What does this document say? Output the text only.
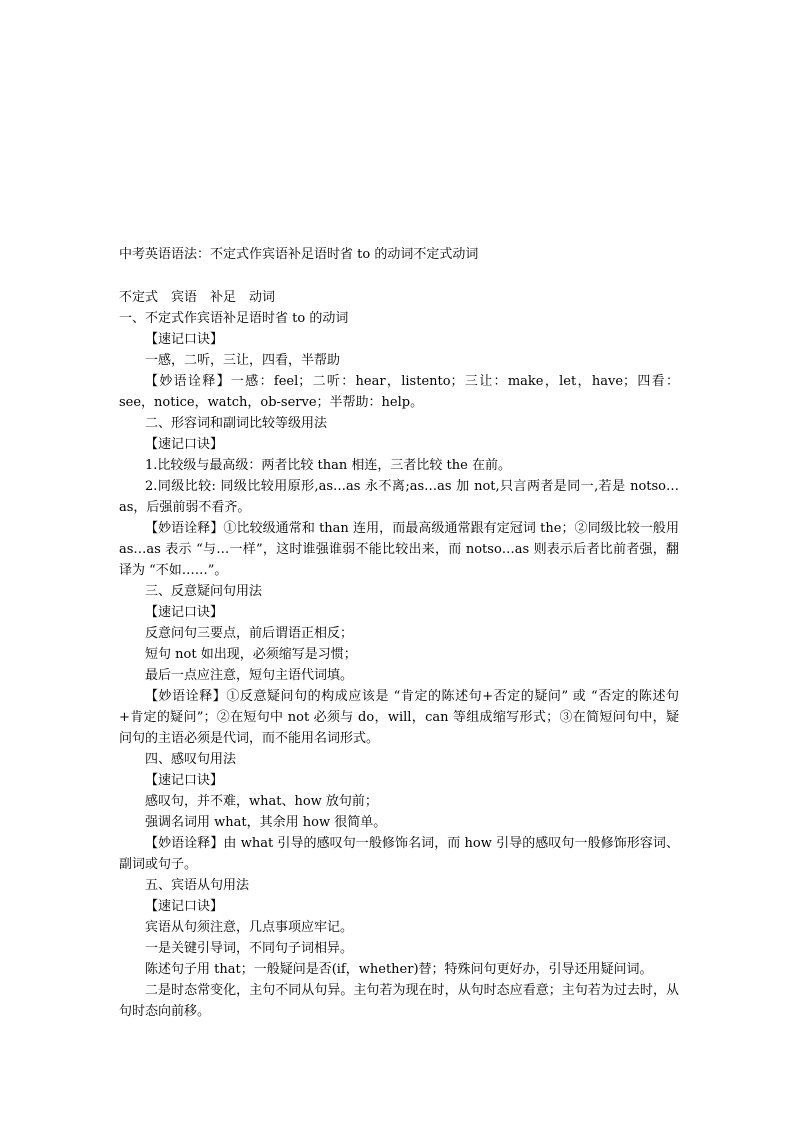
中考英语语法：不定式作宾语补足语时省 to 的动词不定式动词

不定式　宾语　补足　动词

一、不定式作宾语补足语时省 to 的动词

【速记口诀】

一感，二听，三让，四看，半帮助

【妙语诠释】一感：feel；二听：hear，listento；三让：make，let，have；四看：see，notice，watch，ob-serve；半帮助：help。

二、形容词和副词比较等级用法

【速记口诀】

1.比较级与最高级：两者比较 than 相连，三者比较 the 在前。

2.同级比较: 同级比较用原形,as…as 永不离;as…as 加 not,只言两者是同一,若是 notso…as，后强前弱不看齐。

【妙语诠释】①比较级通常和 than 连用，而最高级通常跟有定冠词 the；②同级比较一般用 as…as 表示 “与…一样”，这时谁强谁弱不能比较出来，而 notso…as 则表示后者比前者强，翻译为 “不如……”。

三、反意疑问句用法

【速记口诀】

反意问句三要点，前后谓语正相反；

短句 not 如出现，必须缩写是习惯；

最后一点应注意，短句主语代词填。

【妙语诠释】①反意疑问句的构成应该是 “肯定的陈述句+否定的疑问” 或 “否定的陈述句+肯定的疑问”；②在短句中 not 必须与 do，will，can 等组成缩写形式；③在简短问句中，疑问句的主语必须是代词，而不能用名词形式。

四、感叹句用法

【速记口诀】

感叹句，并不难，what、how 放句前；

强调名词用 what，其余用 how 很简单。

【妙语诠释】由 what 引导的感叹句一般修饰名词，而 how 引导的感叹句一般修饰形容词、副词或句子。

五、宾语从句用法

【速记口诀】

宾语从句须注意，几点事项应牢记。

一是关键引导词，不同句子词相异。

陈述句子用 that；一般疑问是否(if，whether)替；特殊问句更好办，引导还用疑问词。

二是时态常变化，主句不同从句异。主句若为现在时，从句时态应看意；主句若为过去时，从句时态向前移。
